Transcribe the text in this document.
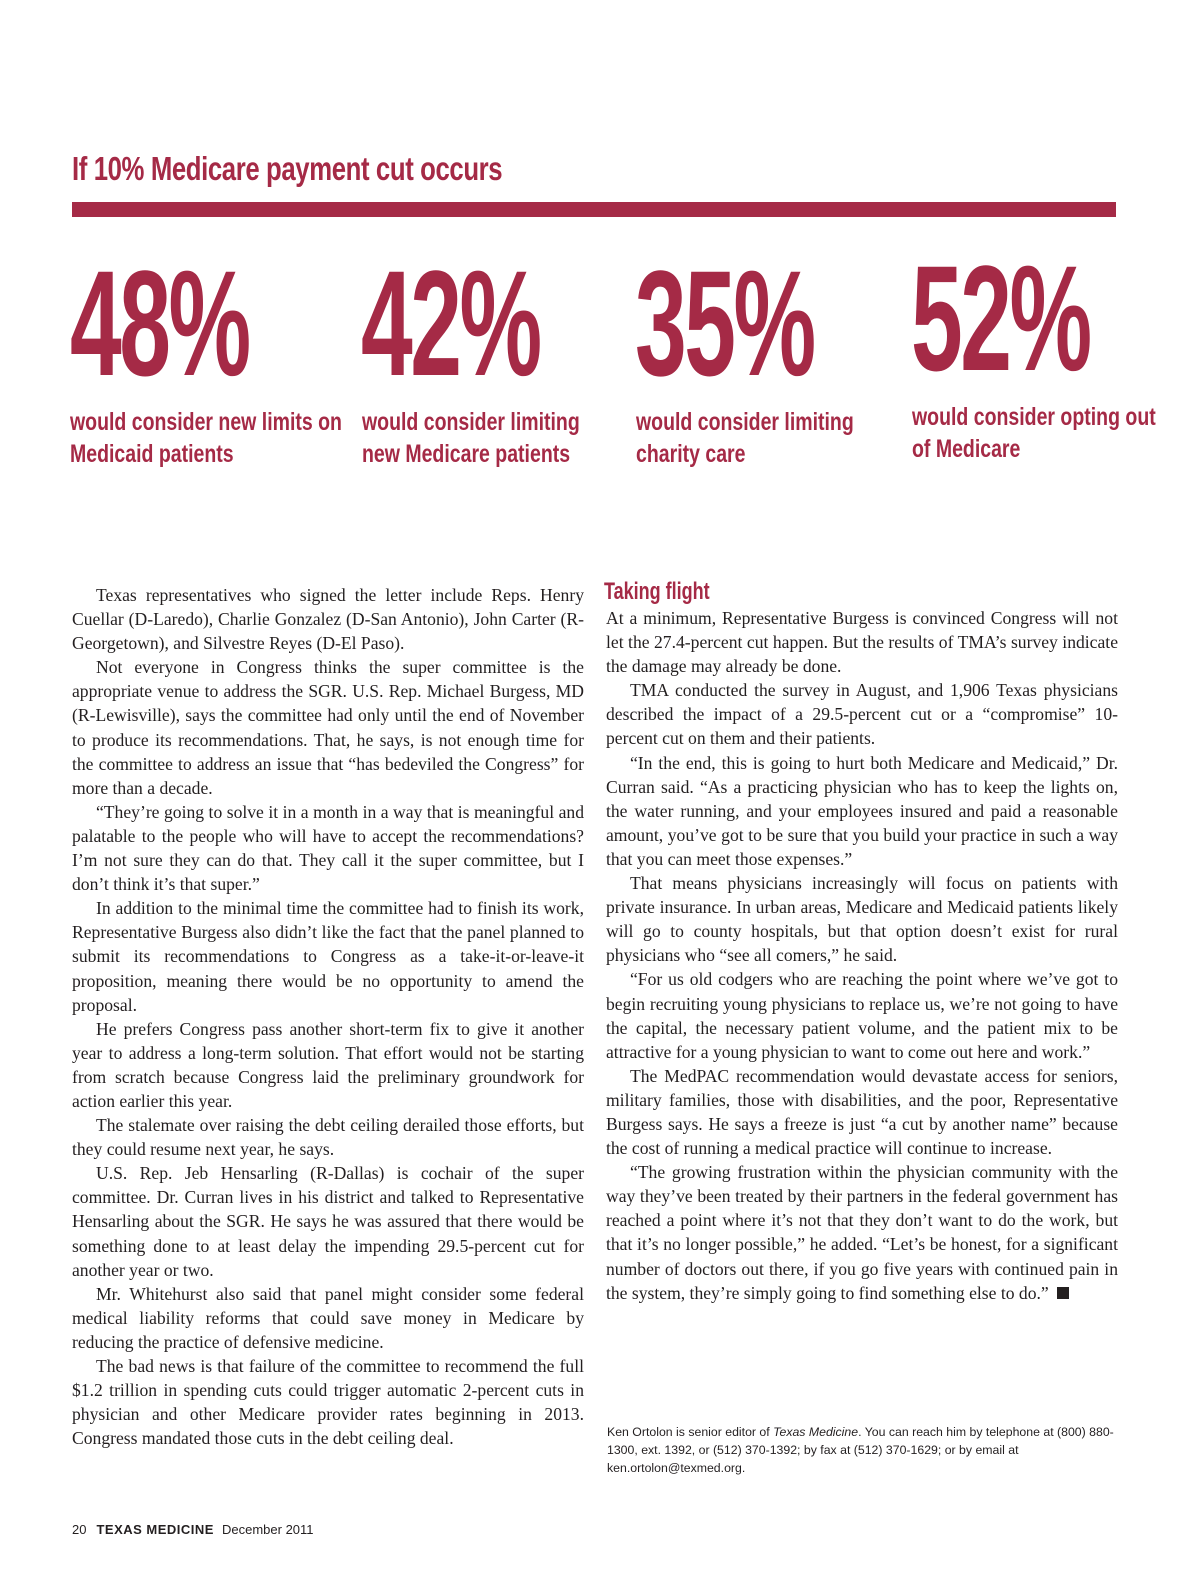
If 10% Medicare payment cut occurs
48%
would consider new limits on
Medicaid patients
42%
would consider limiting
new Medicare patients
35%
would consider limiting
charity care
52%
would consider opting out
of Medicare

Texas representatives who signed the letter include Reps. Henry Cuellar (D-Laredo), Charlie Gonzalez (D-San Antonio), John Carter (R-Georgetown), and Silvestre Reyes (D-El Paso).

Not everyone in Congress thinks the super committee is the appropriate venue to address the SGR. U.S. Rep. Michael Burgess, MD (R-Lewisville), says the committee had only until the end of November to produce its recommendations. That, he says, is not enough time for the committee to address an issue that “has bedeviled the Congress” for more than a decade.

“They’re going to solve it in a month in a way that is meaningful and palatable to the people who will have to accept the recommendations? I’m not sure they can do that. They call it the super committee, but I don’t think it’s that super.”

In addition to the minimal time the committee had to finish its work, Representative Burgess also didn’t like the fact that the panel planned to submit its recommendations to Congress as a take-it-or-leave-it proposition, meaning there would be no opportunity to amend the proposal.

He prefers Congress pass another short-term fix to give it another year to address a long-term solution. That effort would not be starting from scratch because Congress laid the preliminary groundwork for action earlier this year.

The stalemate over raising the debt ceiling derailed those efforts, but they could resume next year, he says.

U.S. Rep. Jeb Hensarling (R-Dallas) is cochair of the super committee. Dr. Curran lives in his district and talked to Representative Hensarling about the SGR. He says he was assured that there would be something done to at least delay the impending 29.5-percent cut for another year or two.

Mr. Whitehurst also said that panel might consider some federal medical liability reforms that could save money in Medicare by reducing the practice of defensive medicine.

The bad news is that failure of the committee to recommend the full $1.2 trillion in spending cuts could trigger automatic 2-percent cuts in physician and other Medicare provider rates beginning in 2013. Congress mandated those cuts in the debt ceiling deal.

Taking flight

At a minimum, Representative Burgess is convinced Congress will not let the 27.4-percent cut happen. But the results of TMA’s survey indicate the damage may already be done.

TMA conducted the survey in August, and 1,906 Texas physicians described the impact of a 29.5-percent cut or a “compromise” 10-percent cut on them and their patients.

“In the end, this is going to hurt both Medicare and Medicaid,” Dr. Curran said. “As a practicing physician who has to keep the lights on, the water running, and your employees insured and paid a reasonable amount, you’ve got to be sure that you build your practice in such a way that you can meet those expenses.”

That means physicians increasingly will focus on patients with private insurance. In urban areas, Medicare and Medicaid patients likely will go to county hospitals, but that option doesn’t exist for rural physicians who “see all comers,” he said.

“For us old codgers who are reaching the point where we’ve got to begin recruiting young physicians to replace us, we’re not going to have the capital, the necessary patient volume, and the patient mix to be attractive for a young physician to want to come out here and work.”

The MedPAC recommendation would devastate access for seniors, military families, those with disabilities, and the poor, Representative Burgess says. He says a freeze is just “a cut by another name” because the cost of running a medical practice will continue to increase.

“The growing frustration within the physician community with the way they’ve been treated by their partners in the federal government has reached a point where it’s not that they don’t want to do the work, but that it’s no longer possible,” he added. “Let’s be honest, for a significant number of doctors out there, if you go five years with continued pain in the system, they’re simply going to find something else to do.”

Ken Ortolon is senior editor of Texas Medicine. You can reach him by telephone at (800) 880-1300, ext. 1392, or (512) 370-1392; by fax at (512) 370-1629; or by email at ken.ortolon@texmed.org.
20 TEXAS MEDICINE December 2011
